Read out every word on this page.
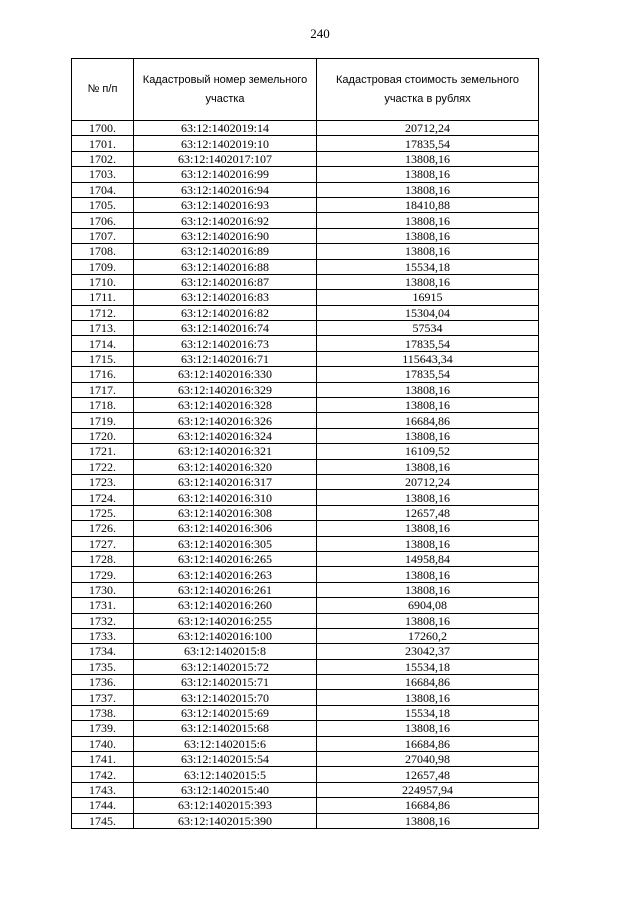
240
№ п/п	Кадастровый номер земельного участка	Кадастровая стоимость земельного участка в рублях
1700.	63:12:1402019:14	20712,24
1701.	63:12:1402019:10	17835,54
1702.	63:12:1402017:107	13808,16
1703.	63:12:1402016:99	13808,16
1704.	63:12:1402016:94	13808,16
1705.	63:12:1402016:93	18410,88
1706.	63:12:1402016:92	13808,16
1707.	63:12:1402016:90	13808,16
1708.	63:12:1402016:89	13808,16
1709.	63:12:1402016:88	15534,18
1710.	63:12:1402016:87	13808,16
1711.	63:12:1402016:83	16915
1712.	63:12:1402016:82	15304,04
1713.	63:12:1402016:74	57534
1714.	63:12:1402016:73	17835,54
1715.	63:12:1402016:71	115643,34
1716.	63:12:1402016:330	17835,54
1717.	63:12:1402016:329	13808,16
1718.	63:12:1402016:328	13808,16
1719.	63:12:1402016:326	16684,86
1720.	63:12:1402016:324	13808,16
1721.	63:12:1402016:321	16109,52
1722.	63:12:1402016:320	13808,16
1723.	63:12:1402016:317	20712,24
1724.	63:12:1402016:310	13808,16
1725.	63:12:1402016:308	12657,48
1726.	63:12:1402016:306	13808,16
1727.	63:12:1402016:305	13808,16
1728.	63:12:1402016:265	14958,84
1729.	63:12:1402016:263	13808,16
1730.	63:12:1402016:261	13808,16
1731.	63:12:1402016:260	6904,08
1732.	63:12:1402016:255	13808,16
1733.	63:12:1402016:100	17260,2
1734.	63:12:1402015:8	23042,37
1735.	63:12:1402015:72	15534,18
1736.	63:12:1402015:71	16684,86
1737.	63:12:1402015:70	13808,16
1738.	63:12:1402015:69	15534,18
1739.	63:12:1402015:68	13808,16
1740.	63:12:1402015:6	16684,86
1741.	63:12:1402015:54	27040,98
1742.	63:12:1402015:5	12657,48
1743.	63:12:1402015:40	224957,94
1744.	63:12:1402015:393	16684,86
1745.	63:12:1402015:390	13808,16
